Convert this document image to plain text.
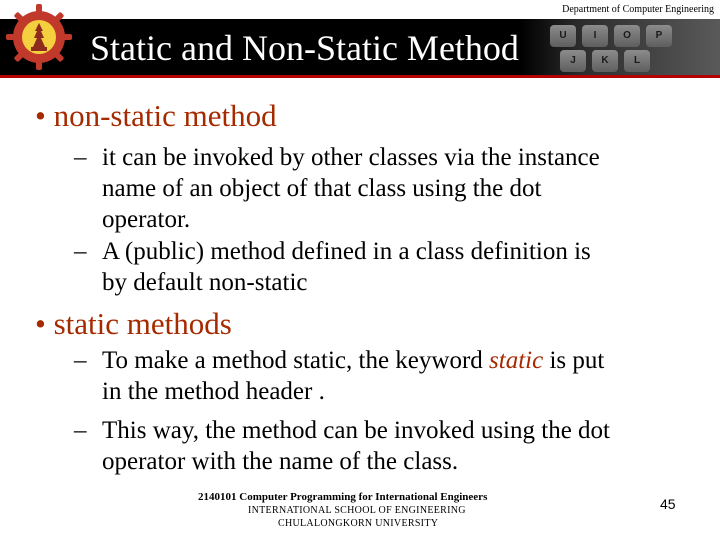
Department of Computer Engineering
U	I	O	P
J	K	L
Static and Non-Static Method
• non-static method
– it can be invoked by other classes via the instance
name of an object of that class using the dot
operator.
– A (public) method defined in a class definition is
by default non-static
• static methods
– To make a method static, the keyword static is put
in the method header .
– This way, the method can be invoked using the dot
operator with the name of the class.
2140101 Computer Programming for International Engineers
INTERNATIONAL SCHOOL OF ENGINEERING
CHULALONGKORN UNIVERSITY
45
